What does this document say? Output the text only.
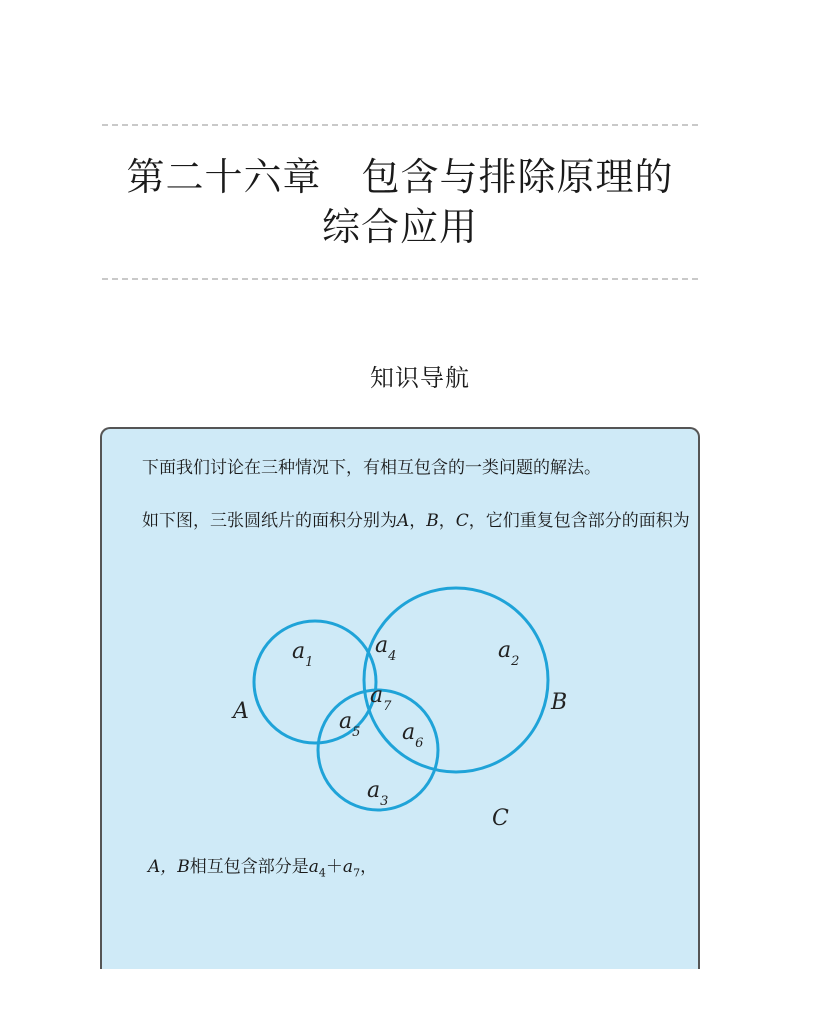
第二十六章 包含与排除原理的
综合应用
知识导航

下面我们讨论在三种情况下，有相互包含的一类问题的解法。

如下图，三张圆纸片的面积分别为A，B，C，它们重复包含部分的面积为

A	B
C
$a_1$	$a_2$
$a_3$
$a_4$
$a_5$ $a_6$
$a_7$

A，B相互包含部分是$a_4+a_7$，
